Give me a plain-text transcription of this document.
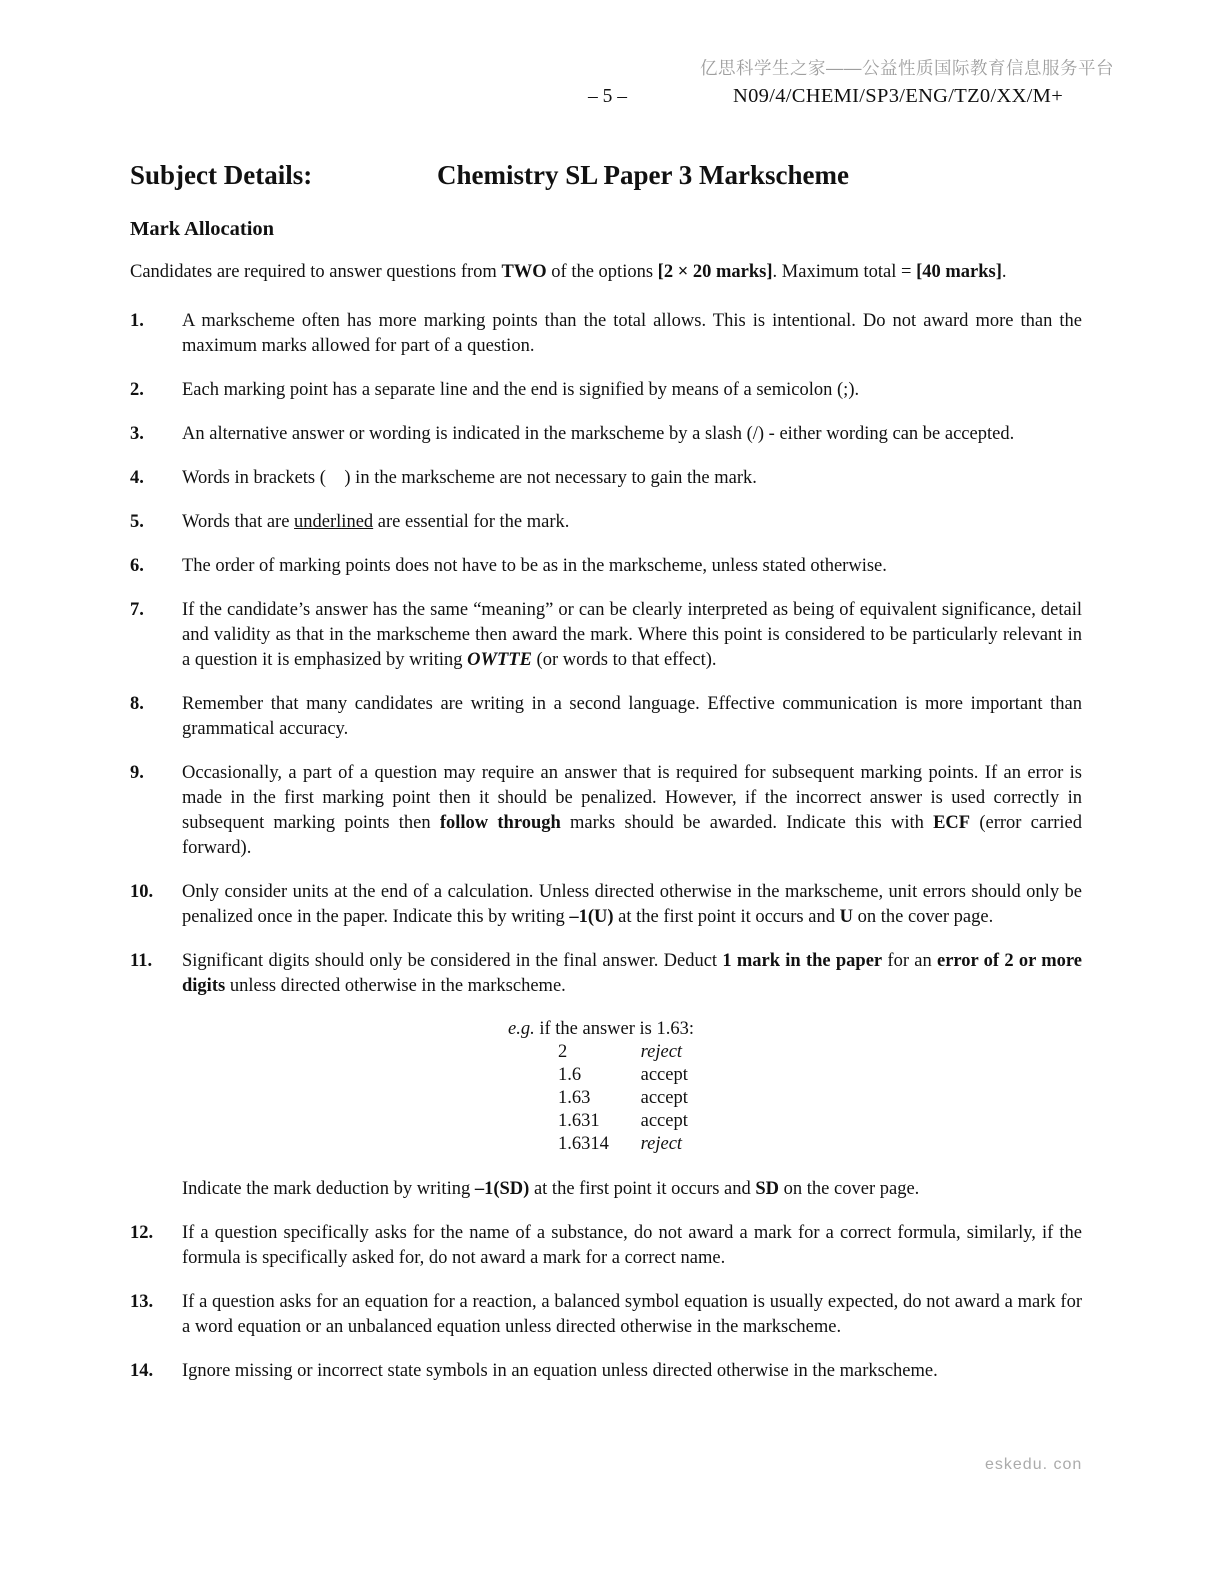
亿思科学生之家——公益性质国际教育信息服务平台
– 5 –	N09/4/CHEMI/SP3/ENG/TZ0/XX/M+
Subject Details:	Chemistry SL Paper 3 Markscheme
Mark Allocation
Candidates are required to answer questions from TWO of the options [2 × 20 marks]. Maximum total = [40 marks].
1.	A markscheme often has more marking points than the total allows. This is intentional. Do not award more than the maximum marks allowed for part of a question.
2.	Each marking point has a separate line and the end is signified by means of a semicolon (;).
3.	An alternative answer or wording is indicated in the markscheme by a slash (/) - either wording can be accepted.
4.	Words in brackets (    ) in the markscheme are not necessary to gain the mark.
5.	Words that are underlined are essential for the mark.
6.	The order of marking points does not have to be as in the markscheme, unless stated otherwise.
7.	If the candidate’s answer has the same “meaning” or can be clearly interpreted as being of equivalent significance, detail and validity as that in the markscheme then award the mark. Where this point is considered to be particularly relevant in a question it is emphasized by writing OWTTE (or words to that effect).
8.	Remember that many candidates are writing in a second language. Effective communication is more important than grammatical accuracy.
9.	Occasionally, a part of a question may require an answer that is required for subsequent marking points. If an error is made in the first marking point then it should be penalized. However, if the incorrect answer is used correctly in subsequent marking points then follow through marks should be awarded. Indicate this with ECF (error carried forward).
10.	Only consider units at the end of a calculation. Unless directed otherwise in the markscheme, unit errors should only be penalized once in the paper. Indicate this by writing –1(U) at the first point it occurs and U on the cover page.
11.	Significant digits should only be considered in the final answer. Deduct 1 mark in the paper for an error of 2 or more digits unless directed otherwise in the markscheme.
e.g. if the answer is 1.63:
2	reject
1.6	accept
1.63	accept
1.631 accept
1.6314 reject
Indicate the mark deduction by writing –1(SD) at the first point it occurs and SD on the cover page.
12.	If a question specifically asks for the name of a substance, do not award a mark for a correct formula, similarly, if the formula is specifically asked for, do not award a mark for a correct name.
13.	If a question asks for an equation for a reaction, a balanced symbol equation is usually expected, do not award a mark for a word equation or an unbalanced equation unless directed otherwise in the markscheme.
14.	Ignore missing or incorrect state symbols in an equation unless directed otherwise in the markscheme.
eskedu. con
